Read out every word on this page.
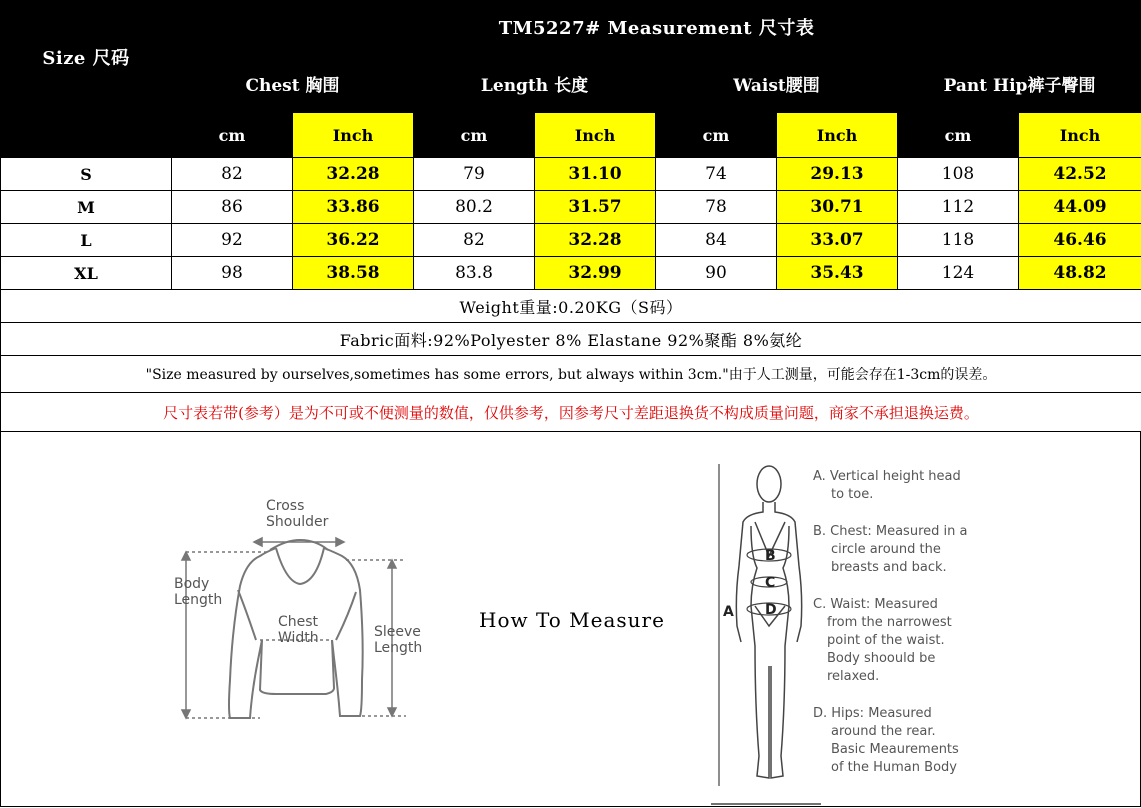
Size 尺码	TM5227# Measurement 尺寸表							
	Chest 胸围		Length 长度		Waist腰围		Pant Hip裤子臀围	
	cm	Inch	cm	Inch	cm	Inch	cm	Inch
S	82	32.28	79	31.10	74	29.13	108	42.52
M	86	33.86	80.2	31.57	78	30.71	112	44.09
L	92	36.22	82	32.28	84	33.07	118	46.46
XL	98	38.58	83.8	32.99	90	35.43	124	48.82
Weight重量:0.20KG（S码）								
Fabric面料:92%Polyester 8% Elastane 92%聚酯 8%氨纶								
"Size measured by ourselves,sometimes has some errors, but always within 3cm."由于人工测量，可能会存在1-3cm的误差。								
尺寸表若带(参考）是为不可或不便测量的数值，仅供参考，因参考尺寸差距退换货不构成质量问题，商家不承担退换运费。								
Cross Shoulder
Body Length
Chest Width	Sleeve Length
How To Measure
B
C
D
A
A. Vertical height head
to toe.
B. Chest: Measured in a
circle around the
breasts and back.
C. Waist: Measured
from the narrowest
point of the waist.
Body shoould be
relaxed.
D. Hips: Measured
around the rear.
Basic Meaurements
of the Human Body
